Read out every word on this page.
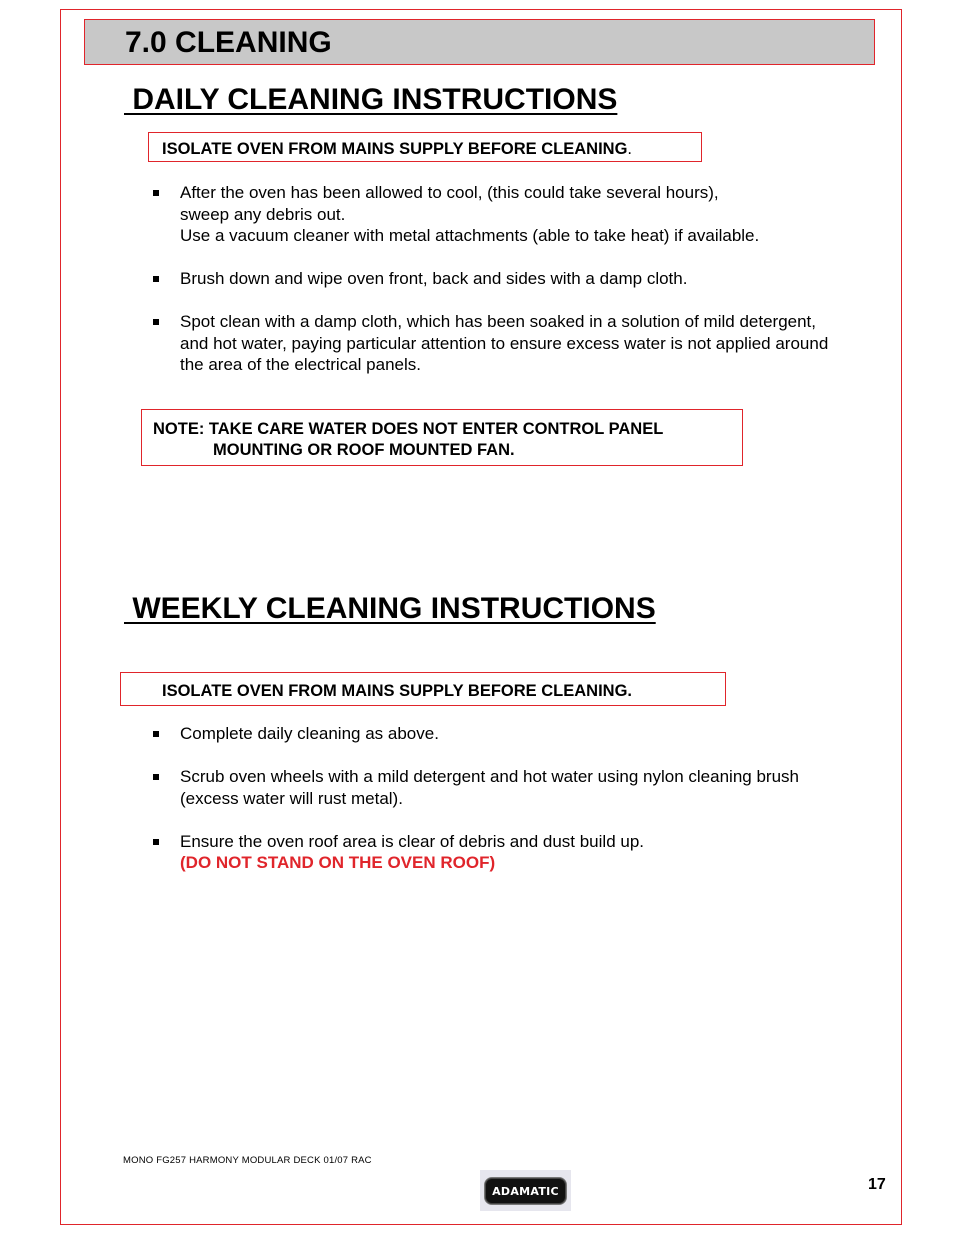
7.0 CLEANING
DAILY CLEANING INSTRUCTIONS
ISOLATE OVEN FROM MAINS SUPPLY BEFORE CLEANING.
After the oven has been allowed to cool, (this could take several hours),
sweep any debris out.
Use a vacuum cleaner with metal attachments (able to take heat) if available.
Brush down and wipe oven front, back and sides with a damp cloth.
Spot clean with a damp cloth, which has been soaked in a solution of mild detergent, and hot water, paying particular attention to ensure excess water is not applied around the area of the electrical panels.
NOTE: TAKE CARE WATER DOES NOT ENTER CONTROL PANEL
MOUNTING OR ROOF MOUNTED FAN.
WEEKLY CLEANING INSTRUCTIONS
ISOLATE OVEN FROM MAINS SUPPLY BEFORE CLEANING.
Complete daily cleaning as above.
Scrub oven wheels with a mild detergent and hot water using nylon cleaning brush (excess water will rust metal).
Ensure the oven roof area is clear of debris and dust build up.
(DO NOT STAND ON THE OVEN ROOF)
MONO FG257 HARMONY MODULAR DECK 01/07 RAC
ADAMATIC	17
